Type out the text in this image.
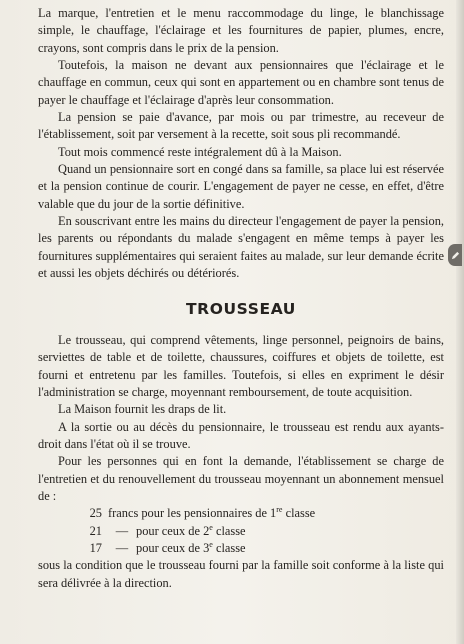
La marque, l'entretien et le menu raccommodage du linge, le blanchissage simple, le chauffage, l'éclairage et les fournitures de papier, plumes, encre, crayons, sont compris dans le prix de la pension.

Toutefois, la maison ne devant aux pensionnaires que l'éclairage et le chauffage en commun, ceux qui sont en appartement ou en chambre sont tenus de payer le chauffage et l'éclairage d'après leur consommation.

La pension se paie d'avance, par mois ou par trimestre, au receveur de l'établissement, soit par versement à la recette, soit sous pli recommandé.

Tout mois commencé reste intégralement dû à la Maison.

Quand un pensionnaire sort en congé dans sa famille, sa place lui est réservée et la pension continue de courir. L'engagement de payer ne cesse, en effet, d'être valable que du jour de la sortie définitive.

En souscrivant entre les mains du directeur l'engagement de payer la pension, les parents ou répondants du malade s'engagent en même temps à payer les fournitures supplémentaires qui seraient faites au malade, sur leur demande écrite et aussi les objets déchirés ou détériorés.

TROUSSEAU

Le trousseau, qui comprend vêtements, linge personnel, peignoirs de bains, serviettes de table et de toilette, chaussures, coiffures et objets de toilette, est fourni et entretenu par les familles. Toutefois, si elles en expriment le désir l'administration se charge, moyennant remboursement, de toute acquisition.

La Maison fournit les draps de lit.

A la sortie ou au décès du pensionnaire, le trousseau est rendu aux ayants-droit dans l'état où il se trouve.

Pour les personnes qui en font la demande, l'établissement se charge de l'entretien et du renouvellement du trousseau moyennant un abonnement mensuel de :

25 francs pour les pensionnaires de 1re classe
21	— pour ceux de 2e classe
17	— pour ceux de 3e classe

sous la condition que le trousseau fourni par la famille soit conforme à la liste qui sera délivrée à la direction.
